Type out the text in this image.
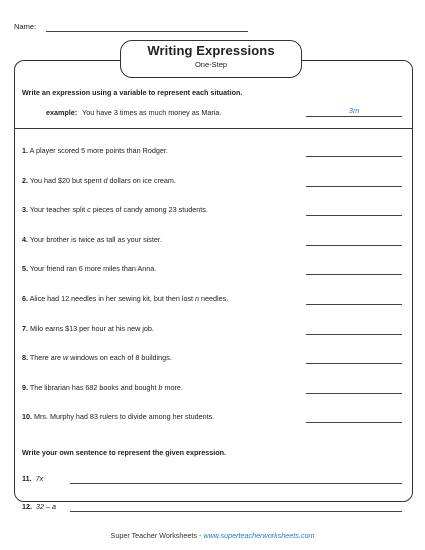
Name:
Writing Expressions
One-Step
Write an expression using a variable to represent each situation.
example: You have 3 times as much money as Maria.	3m
1. A player scored 5 more points than Rodger.
2. You had $20 but spent d dollars on ice cream.
3. Your teacher split c pieces of candy among 23 students.
4. Your brother is twice as tall as your sister.
5. Your friend ran 6 more miles than Anna.
6. Alice had 12 needles in her sewing kit, but then lost n needles.
7. Milo earns $13 per hour at his new job.
8. There are w windows on each of 8 buildings.
9. The librarian has 682 books and bought b more.
10. Mrs. Murphy had 83 rulers to divide among her students.
Write your own sentence to represent the given expression.
11. 7x
12. 32 – a
Super Teacher Worksheets - www.superteacherworksheets.com
